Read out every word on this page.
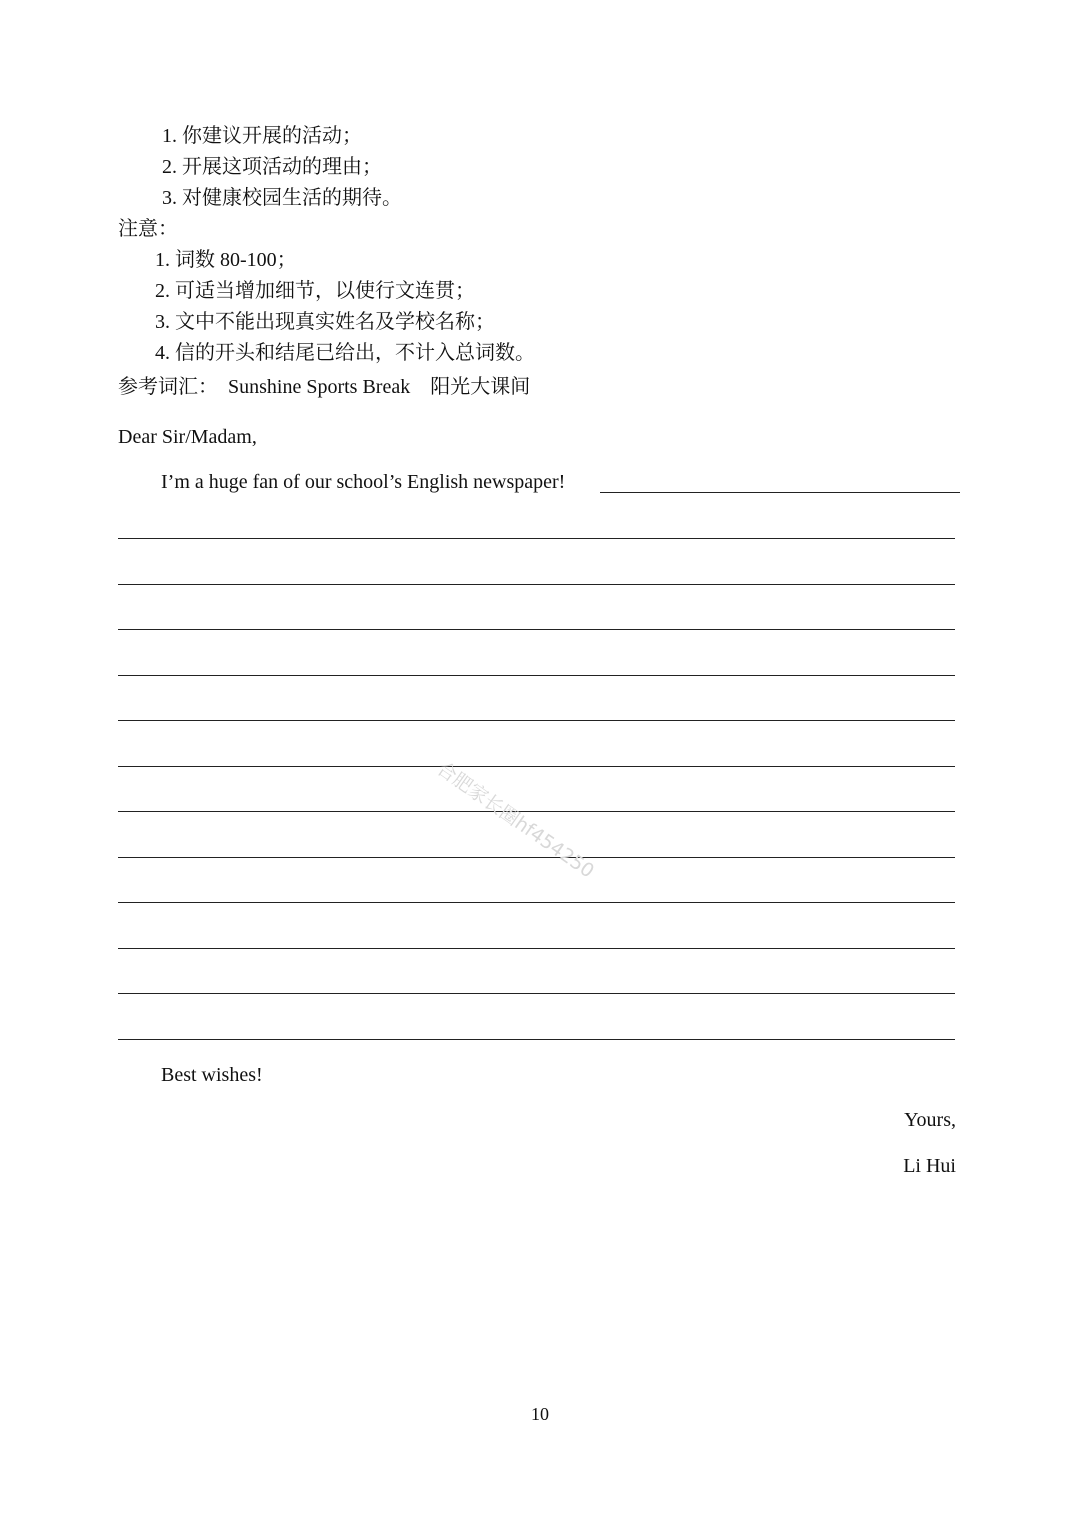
1. 你建议开展的活动；
2. 开展这项活动的理由；
3. 对健康校园生活的期待。
注意：
1. 词数 80-100；
2. 可适当增加细节，以使行文连贯；
3. 文中不能出现真实姓名及学校名称；
4. 信的开头和结尾已给出，不计入总词数。
参考词汇：  Sunshine Sports Break    阳光大课间
Dear Sir/Madam,
I’m a huge fan of our school’s English newspaper!
合肥家长圈hf454250
Best wishes!
Yours,
Li Hui
10
